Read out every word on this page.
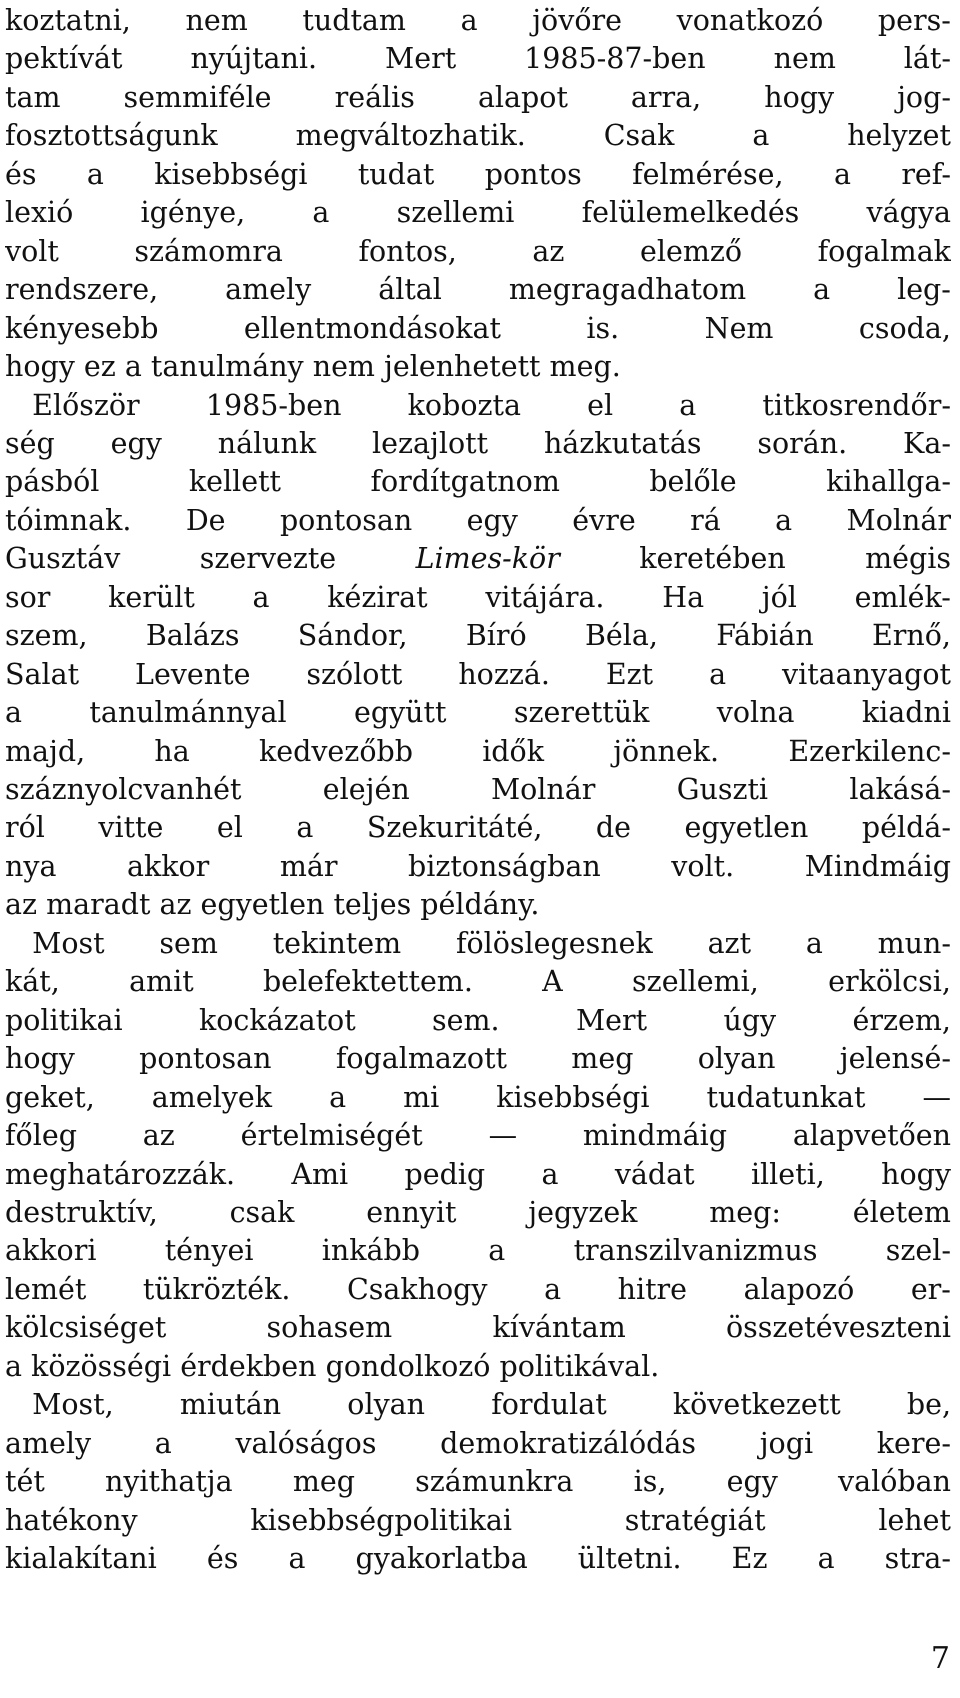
koztatni, nem tudtam a jövőre vonatkozó pers-
pektívát nyújtani. Mert 1985-87-ben nem lát-
tam semmiféle reális alapot arra, hogy jog-
fosztottságunk	megváltozhatik.	Csak	a	helyzet
és a kisebbségi tudat pontos felmérése, a ref-
lexió igénye, a szellemi felülemelkedés vágya
volt	számomra	fontos,	az	elemző	fogalmak
rendszere, amely által megragadhatom a leg-
kényesebb	ellentmondásokat	is.	Nem	csoda,
hogy ez a tanulmány nem jelenhetett meg.
Először 1985-ben kobozta el a titkosrendőr-
ség egy nálunk lezajlott házkutatás során. Ka-
pásból	kellett	fordítgatnom	belőle	kihallga-
tóimnak. De pontosan egy évre rá a Molnár
Gusztáv	szervezte	Limes-kör	keretében	mégis
sor került a kézirat vitájára. Ha jól emlék-
szem, Balázs Sándor, Bíró Béla, Fábián Ernő,
Salat Levente szólott hozzá. Ezt a vitaanyagot
a tanulmánnyal együtt szerettük volna kiadni
majd, ha kedvezőbb idők jönnek. Ezerkilenc-
száznyolcvanhét	elején	Molnár	Guszti	lakásá-
ról vitte el a Szekuritáté, de egyetlen példá-
nya akkor már biztonságban volt. Mindmáig
az maradt az egyetlen teljes példány.
Most sem tekintem fölöslegesnek azt a mun-
kát, amit belefektettem. A szellemi, erkölcsi,
politikai	kockázatot	sem.	Mert	úgy	érzem,
hogy pontosan fogalmazott meg olyan jelensé-
geket, amelyek a mi kisebbségi tudatunkat —
főleg az értelmiségét — mindmáig alapvetően
meghatározzák. Ami pedig a vádat illeti, hogy
destruktív,	csak	ennyit	jegyzek	meg:	életem
akkori tényei inkább a transzilvanizmus szel-
lemét tükrözték. Csakhogy a hitre alapozó er-
kölcsiséget	sohasem	kívántam	összetéveszteni
a közösségi érdekben gondolkozó politikával.
Most, miután olyan fordulat következett be,
amely a valóságos demokratizálódás jogi kere-
tét nyithatja meg számunkra is, egy valóban
hatékony	kisebbségpolitikai	stratégiát	lehet
kialakítani és a gyakorlatba ültetni. Ez a stra-
7
